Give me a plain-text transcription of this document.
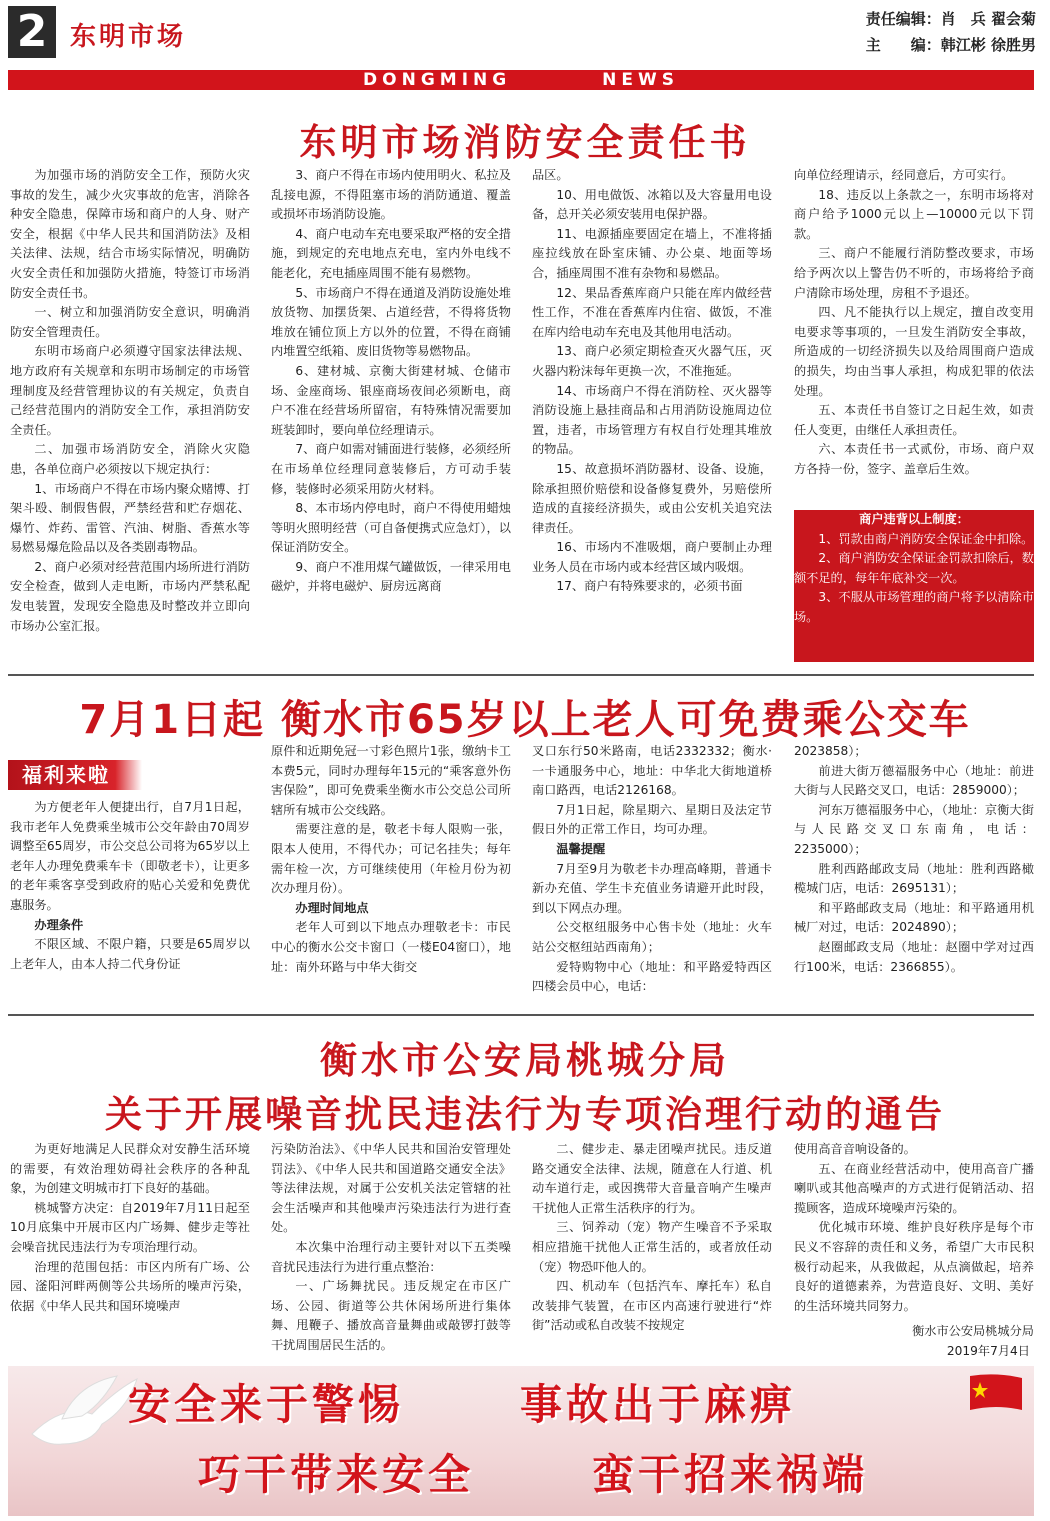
2 东明市场
责任编辑：肖　兵 翟会菊
主　　编：韩江彬 徐胜男
DONGMING	NEWS
东明市场消防安全责任书

为加强市场的消防安全工作，预防火灾事故的发生，减少火灾事故的危害，消除各种安全隐患，保障市场和商户的人身、财产安全，根据《中华人民共和国消防法》及相关法律、法规，结合市场实际情况，明确防火安全责任和加强防火措施，特签订市场消防安全责任书。

一、树立和加强消防安全意识，明确消防安全管理责任。

东明市场商户必须遵守国家法律法规、地方政府有关规章和东明市场制定的市场管理制度及经营管理协议的有关规定，负责自己经营范围内的消防安全工作，承担消防安全责任。

二、加强市场消防安全，消除火灾隐患，各单位商户必须按以下规定执行：

1、市场商户不得在市场内聚众赌博、打架斗殴、制假售假，严禁经营和贮存烟花、爆竹、炸药、雷管、汽油、树脂、香蕉水等易燃易爆危险品以及各类剧毒物品。

2、商户必须对经营范围内场所进行消防安全检查，做到人走电断，市场内严禁私配发电装置，发现安全隐患及时整改并立即向市场办公室汇报。

3、商户不得在市场内使用明火、私拉及乱接电源，不得阻塞市场的消防通道、覆盖或损坏市场消防设施。

4、商户电动车充电要采取严格的安全措施，到规定的充电地点充电，室内外电线不能老化，充电插座周围不能有易燃物。

5、市场商户不得在通道及消防设施处堆放货物、加摆货架、占道经营，不得将货物堆放在铺位顶上方以外的位置，不得在商铺内堆置空纸箱、废旧货物等易燃物品。

6、建材城、京衡大街建材城、仓储市场、金座商场、银座商场夜间必须断电，商户不准在经营场所留宿，有特殊情况需要加班装卸时，要向单位经理请示。

7、商户如需对铺面进行装修，必须经所在市场单位经理同意装修后，方可动手装修，装修时必须采用防火材料。

8、本市场内停电时，商户不得使用蜡烛等明火照明经营（可自备便携式应急灯），以保证消防安全。

9、商户不准用煤气罐做饭，一律采用电磁炉，并将电磁炉、厨房远离商

品区。

10、用电做饭、冰箱以及大容量用电设备，总开关必须安装用电保护器。

11、电源插座要固定在墙上，不准将插座拉线放在卧室床铺、办公桌、地面等场合，插座周围不准有杂物和易燃品。

12、果品香蕉库商户只能在库内做经营性工作，不准在香蕉库内住宿、做饭，不准在库内给电动车充电及其他用电活动。

13、商户必须定期检查灭火器气压，灭火器内粉沫每年更换一次，不准拖延。

14、市场商户不得在消防栓、灭火器等消防设施上悬挂商品和占用消防设施周边位置，违者，市场管理方有权自行处理其堆放的物品。

15、故意损坏消防器材、设备、设施，除承担照价赔偿和设备修复费外，另赔偿所造成的直接经济损失，或由公安机关追究法律责任。

16、市场内不准吸烟，商户要制止办理业务人员在市场内或本经营区域内吸烟。

17、商户有特殊要求的，必须书面

向单位经理请示，经同意后，方可实行。

18、违反以上条款之一，东明市场将对商户给予1000元以上—10000元以下罚款。

三、商户不能履行消防整改要求，市场给予两次以上警告仍不听的，市场将给予商户清除市场处理，房租不予退还。

四、凡不能执行以上规定，擅自改变用电要求等事项的，一旦发生消防安全事故，所造成的一切经济损失以及给周围商户造成的损失，均由当事人承担，构成犯罪的依法处理。

五、本责任书自签订之日起生效，如责任人变更，由继任人承担责任。

六、本责任书一式贰份，市场、商户双方各持一份，签字、盖章后生效。

商户违背以上制度：

1、罚款由商户消防安全保证金中扣除。

2、商户消防安全保证金罚款扣除后，数额不足的，每年年底补交一次。

3、不服从市场管理的商户将予以清除市场。

7月1日起 衡水市65岁以上老人可免费乘公交车
福利来啦

为方便老年人便捷出行，自7月1日起，我市老年人免费乘坐城市公交年龄由70周岁调整至65周岁，市公交总公司将为65岁以上老年人办理免费乘车卡（即敬老卡），让更多的老年乘客享受到政府的贴心关爱和免费优惠服务。

办理条件

不限区域、不限户籍，只要是65周岁以上老年人，由本人持二代身份证

原件和近期免冠一寸彩色照片1张，缴纳卡工本费5元，同时办理每年15元的“乘客意外伤害保险”，即可免费乘坐衡水市公交总公司所辖所有城市公交线路。

需要注意的是，敬老卡每人限购一张，限本人使用，不得代办；可记名挂失；每年需年检一次，方可继续使用（年检月份为初次办理月份）。

办理时间地点

老年人可到以下地点办理敬老卡：市民中心的衡水公交卡窗口（一楼E04窗口），地址：南外环路与中华大街交

叉口东行50米路南，电话2332332；衡水·一卡通服务中心，地址：中华北大街地道桥南口路西，电话2126168。

7月1日起，除星期六、星期日及法定节假日外的正常工作日，均可办理。

温馨提醒

7月至9月为敬老卡办理高峰期，普通卡新办充值、学生卡充值业务请避开此时段，到以下网点办理。

公交枢纽服务中心售卡处（地址：火车站公交枢纽站西南角）；

爱特购物中心（地址：和平路爱特西区四楼会员中心，电话：

2023858）；

前进大街万德福服务中心（地址：前进大街与人民路交叉口，电话：2859000）；

河东万德福服务中心，（地址：京衡大街与人民路交叉口东南角，电话：2235000）；

胜利西路邮政支局（地址：胜利西路橄榄城门店，电话：2695131）；

和平路邮政支局（地址：和平路通用机械厂对过，电话：2024890）；

赵圈邮政支局（地址：赵圈中学对过西行100米，电话：2366855）。

衡水市公安局桃城分局
关于开展噪音扰民违法行为专项治理行动的通告

为更好地满足人民群众对安静生活环境的需要，有效治理妨碍社会秩序的各种乱象，为创建文明城市打下良好的基础。

桃城警方决定：自2019年7月11日起至10月底集中开展市区内广场舞、健步走等社会噪音扰民违法行为专项治理行动。

治理的范围包括：市区内所有广场、公园、滏阳河畔两侧等公共场所的噪声污染，依据《中华人民共和国环境噪声

污染防治法》、《中华人民共和国治安管理处罚法》、《中华人民共和国道路交通安全法》等法律法规，对属于公安机关法定管辖的社会生活噪声和其他噪声污染违法行为进行查处。

本次集中治理行动主要针对以下五类噪音扰民违法行为进行重点整治：

一、广场舞扰民。违反规定在市区广场、公园、街道等公共休闲场所进行集体舞、甩鞭子、播放高音量舞曲或敲锣打鼓等干扰周围居民生活的。

二、健步走、暴走团噪声扰民。违反道路交通安全法律、法规，随意在人行道、机动车道行走，或因携带大音量音响产生噪声干扰他人正常生活秩序的行为。

三、饲养动（宠）物产生噪音不予采取相应措施干扰他人正常生活的，或者放任动（宠）物恐吓他人的。

四、机动车（包括汽车、摩托车）私自改装排气装置，在市区内高速行驶进行“炸街”活动或私自改装不按规定

使用高音音响设备的。

五、在商业经营活动中，使用高音广播喇叭或其他高噪声的方式进行促销活动、招揽顾客，造成环境噪声污染的。

优化城市环境、维护良好秩序是每个市民义不容辞的责任和义务，希望广大市民积极行动起来，从我做起，从点滴做起，培养良好的道德素养，为营造良好、文明、美好的生活环境共同努力。

衡水市公安局桃城分局
2019年7月4日
安全来于警惕	事故出于麻痹
巧干带来安全	蛮干招来祸端
